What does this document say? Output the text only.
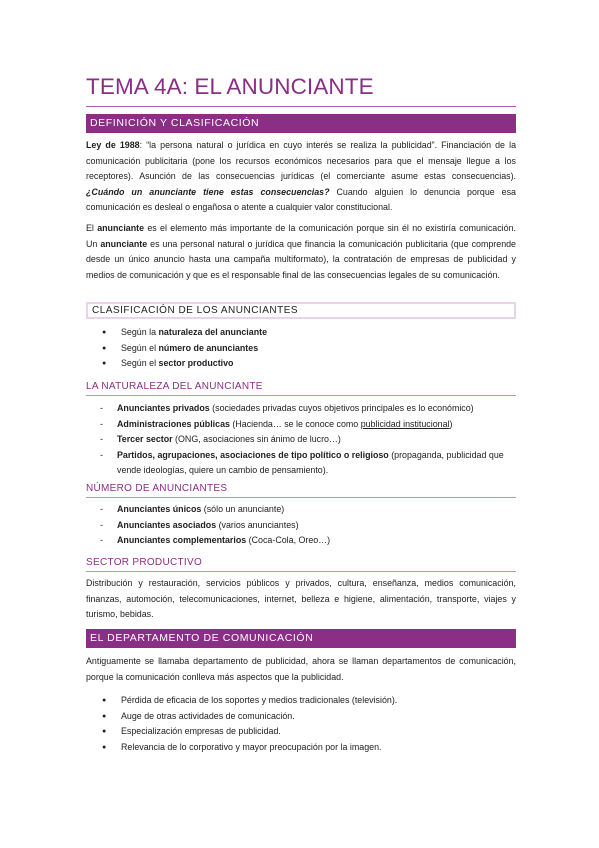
TEMA 4A: EL ANUNCIANTE
DEFINICIÓN Y CLASIFICACIÓN
Ley de 1988: “la persona natural o jurídica en cuyo interés se realiza la publicidad”. Financiación de la comunicación publicitaria (pone los recursos económicos necesarios para que el mensaje llegue a los receptores). Asunción de las consecuencias jurídicas (el comerciante asume estas consecuencias). ¿Cuándo un anunciante tiene estas consecuencias? Cuando alguien lo denuncia porque esa comunicación es desleal o engañosa o atente a cualquier valor constitucional.
El anunciante es el elemento más importante de la comunicación porque sin él no existiría comunicación. Un anunciante es una personal natural o jurídica que financia la comunicación publicitaria (que comprende desde un único anuncio hasta una campaña multiformato), la contratación de empresas de publicidad y medios de comunicación y que es el responsable final de las consecuencias legales de su comunicación.
CLASIFICACIÓN DE LOS ANUNCIANTES
● Según la naturaleza del anunciante
● Según el número de anunciantes
● Según el sector productivo
LA NATURALEZA DEL ANUNCIANTE
- Anunciantes privados (sociedades privadas cuyos objetivos principales es lo económico)
- Administraciones públicas (Hacienda… se le conoce como publicidad institucional)
- Tercer sector (ONG, asociaciones sin ánimo de lucro…)
- Partidos, agrupaciones, asociaciones de tipo político o religioso (propaganda, publicidad que vende ideologías, quiere un cambio de pensamiento).
NÚMERO DE ANUNCIANTES
- Anunciantes únicos (sólo un anunciante)
- Anunciantes asociados (varios anunciantes)
- Anunciantes complementarios (Coca-Cola, Oreo…)
SECTOR PRODUCTIVO
Distribución y restauración, servicios públicos y privados, cultura, enseñanza, medios comunicación, finanzas, automoción, telecomunicaciones, internet, belleza e higiene, alimentación, transporte, viajes y turismo, bebidas.
EL DEPARTAMENTO DE COMUNICACIÓN
Antiguamente se llamaba departamento de publicidad, ahora se llaman departamentos de comunicación, porque la comunicación conlleva más aspectos que la publicidad.
● Pérdida de eficacia de los soportes y medios tradicionales (televisión).
● Auge de otras actividades de comunicación.
● Especialización empresas de publicidad.
● Relevancia de lo corporativo y mayor preocupación por la imagen.
